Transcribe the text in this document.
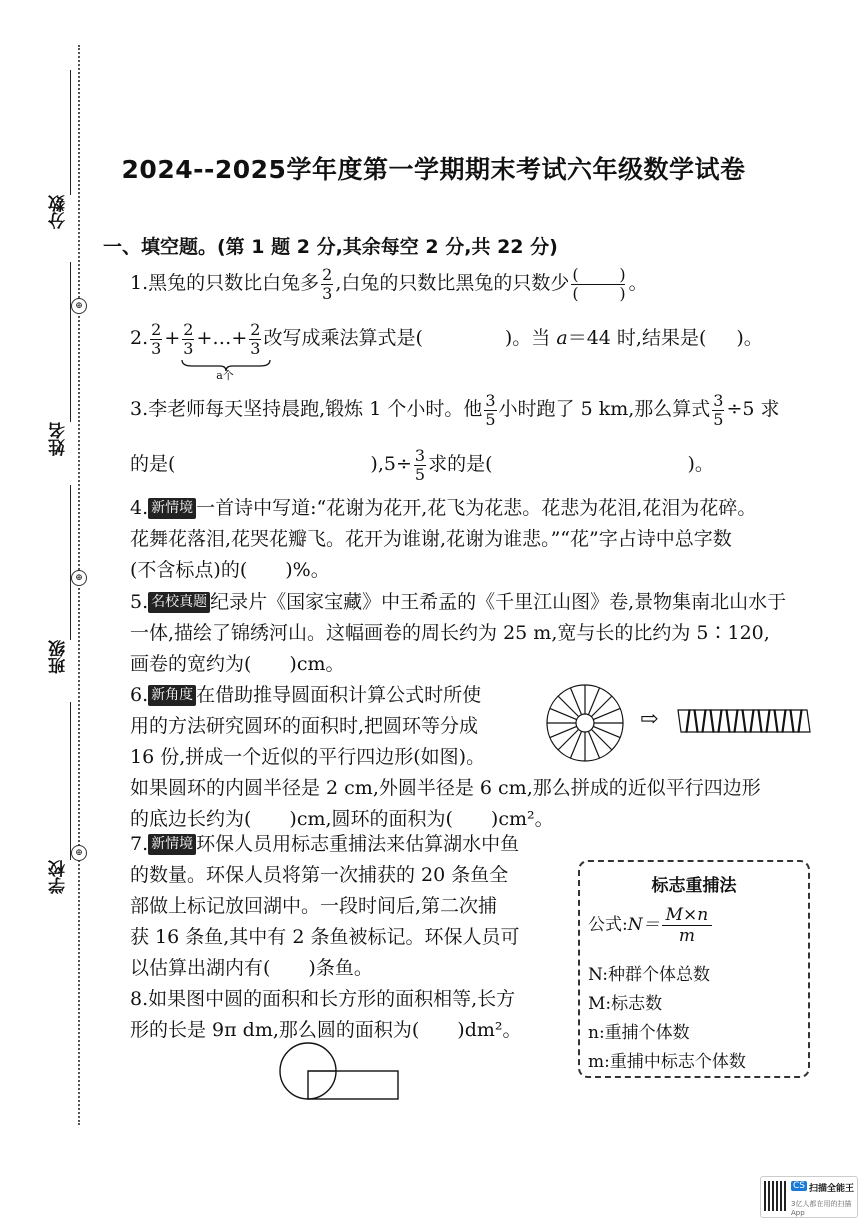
分数
⊕
姓名
⊕
班级
⊕
学校
2024--2025学年度第一学期期末考试六年级数学试卷
一、填空题。(第 1 题 2 分,其余每空 2 分,共 22 分)
1.黑兔的只数比白兔多 $\frac{2}{3}$ ,白兔的只数比黑兔的只数少 $\frac{( )}{( )}$ 。
2. $\frac{2}{3} + \frac{2}{3}$ +…+ $\frac{2}{3}$
a个
改写成乘法算式是(	)。当 a＝44 时,结果是( )。
3.李老师每天坚持晨跑,锻炼 1 个小时。他 $\frac{3}{5}$ 小时跑了 5 km,那么算式 $\frac{3}{5} \div 5$ 求
的是(	)$,5\div \frac{3}{5}$ 求的是(	)。
4. 新情境 一首诗中写道:“花谢为花开,花飞为花悲。花悲为花泪,花泪为花碎。
花舞花落泪,花哭花瓣飞。花开为谁谢,花谢为谁悲。”“花”字占诗中总字数
(不含标点)的(　　)%。
5. 名校真题 纪录片《国家宝藏》中王希孟的《千里江山图》卷,景物集南北山水于
一体,描绘了锦绣河山。这幅画卷的周长约为 25 m,宽与长的比约为 5∶120,
画卷的宽约为(　　)cm。
6. 新角度 在借助推导圆面积计算公式时所使
用的方法研究圆环的面积时,把圆环等分成
16 份,拼成一个近似的平行四边形(如图)。
如果圆环的内圆半径是 2 cm,外圆半径是 6 cm,那么拼成的近似平行四边形
的底边长约为(　　)cm,圆环的面积为(　　)cm²。
⇨
7. 新情境 环保人员用标志重捕法来估算湖水中鱼
的数量。环保人员将第一次捕获的 20 条鱼全
部做上标记放回湖中。一段时间后,第二次捕
获 16 条鱼,其中有 2 条鱼被标记。环保人员可
以估算出湖内有(　　)条鱼。
标志重捕法
公式:N＝ $\frac{M\times n}{m}$
N:种群个体总数
M:标志数
n:重捕个体数
m:重捕中标志个体数
8.如果图中圆的面积和长方形的面积相等,长方
形的长是 9π dm,那么圆的面积为(　　)dm²。
CS 扫描全能王
3亿人都在用的扫描App
